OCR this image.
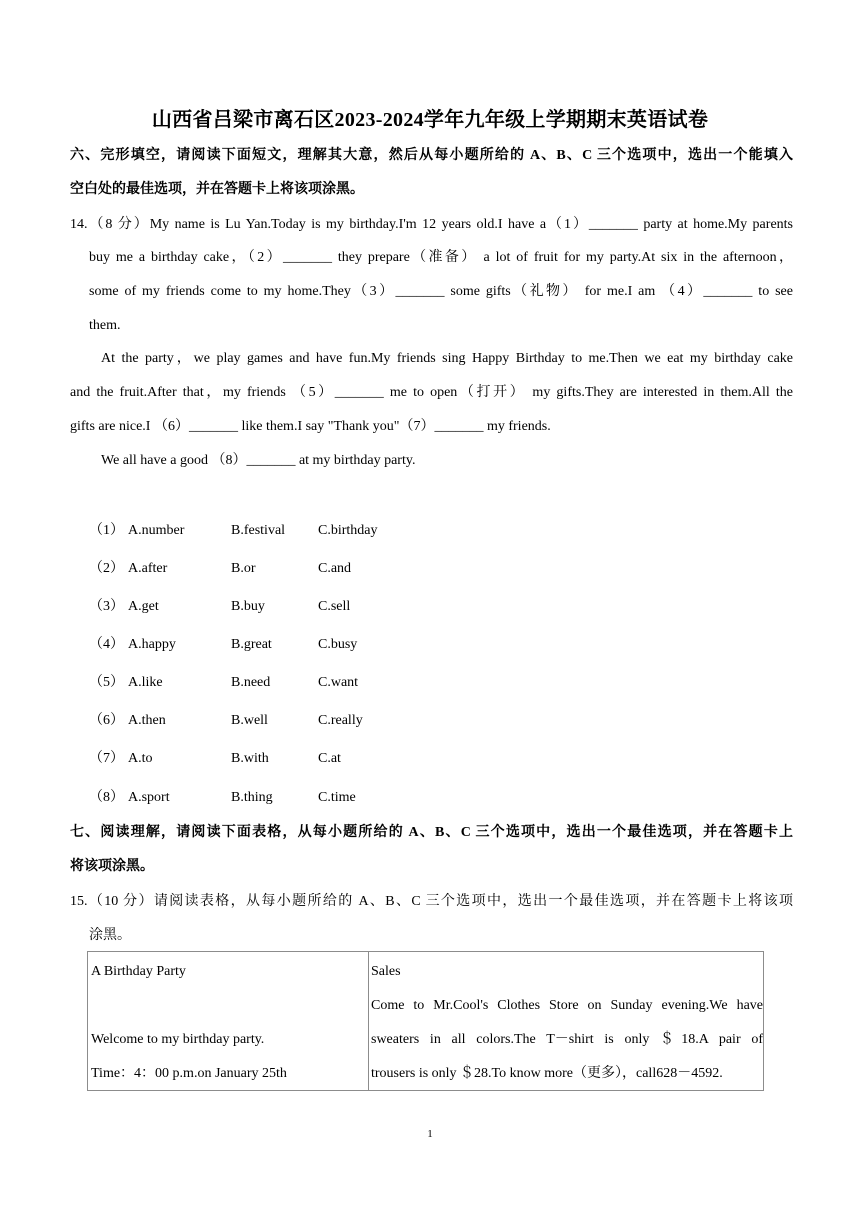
山西省吕梁市离石区2023-2024学年九年级上学期期末英语试卷
六、完形填空，请阅读下面短文，理解其大意，然后从每小题所给的 A、B、C 三个选项中，选出一个能填入
空白处的最佳选项，并在答题卡上将该项涂黑。
14.（8 分）My name is Lu Yan.Today is my birthday.I'm 12 years old.I have a（1）_______ party at home.My parents
buy me a birthday cake，（2）_______ they prepare（准备） a lot of fruit for my party.At six in the afternoon，
some of my friends come to my home.They（3）_______ some gifts（礼物） for me.I am （4）_______ to see
them.
At the party，we play games and have fun.My friends sing Happy Birthday to me.Then we eat my birthday cake
and the fruit.After that，my friends （5）_______ me to open（打开） my gifts.They are interested in them.All the
gifts are nice.I （6）_______ like them.I say "Thank you"（7）_______ my friends.
We all have a good （8）_______ at my birthday party.
（1） A.number	B.festival C.birthday
（2） A.after	B.or	C.and
（3） A.get	B.buy	C.sell
（4） A.happy	B.great	C.busy
（5） A.like	B.need	C.want
（6） A.then	B.well	C.really
（7） A.to	B.with	C.at
（8） A.sport	B.thing	C.time
七、阅读理解，请阅读下面表格，从每小题所给的 A、B、C 三个选项中，选出一个最佳选项，并在答题卡上
将该项涂黑。
15.（10 分）请阅读表格，从每小题所给的 A、B、C 三个选项中，选出一个最佳选项，并在答题卡上将该项
涂黑。
A Birthday Party
Welcome to my birthday party.
Time：4：00 p.m.on January 25th

Sales
Come to Mr.Cool's Clothes Store on Sunday evening.We have
sweaters in all colors.The T－shirt is only ＄18.A pair of
trousers is only ＄28.To know more（更多），call628－4592.
1
